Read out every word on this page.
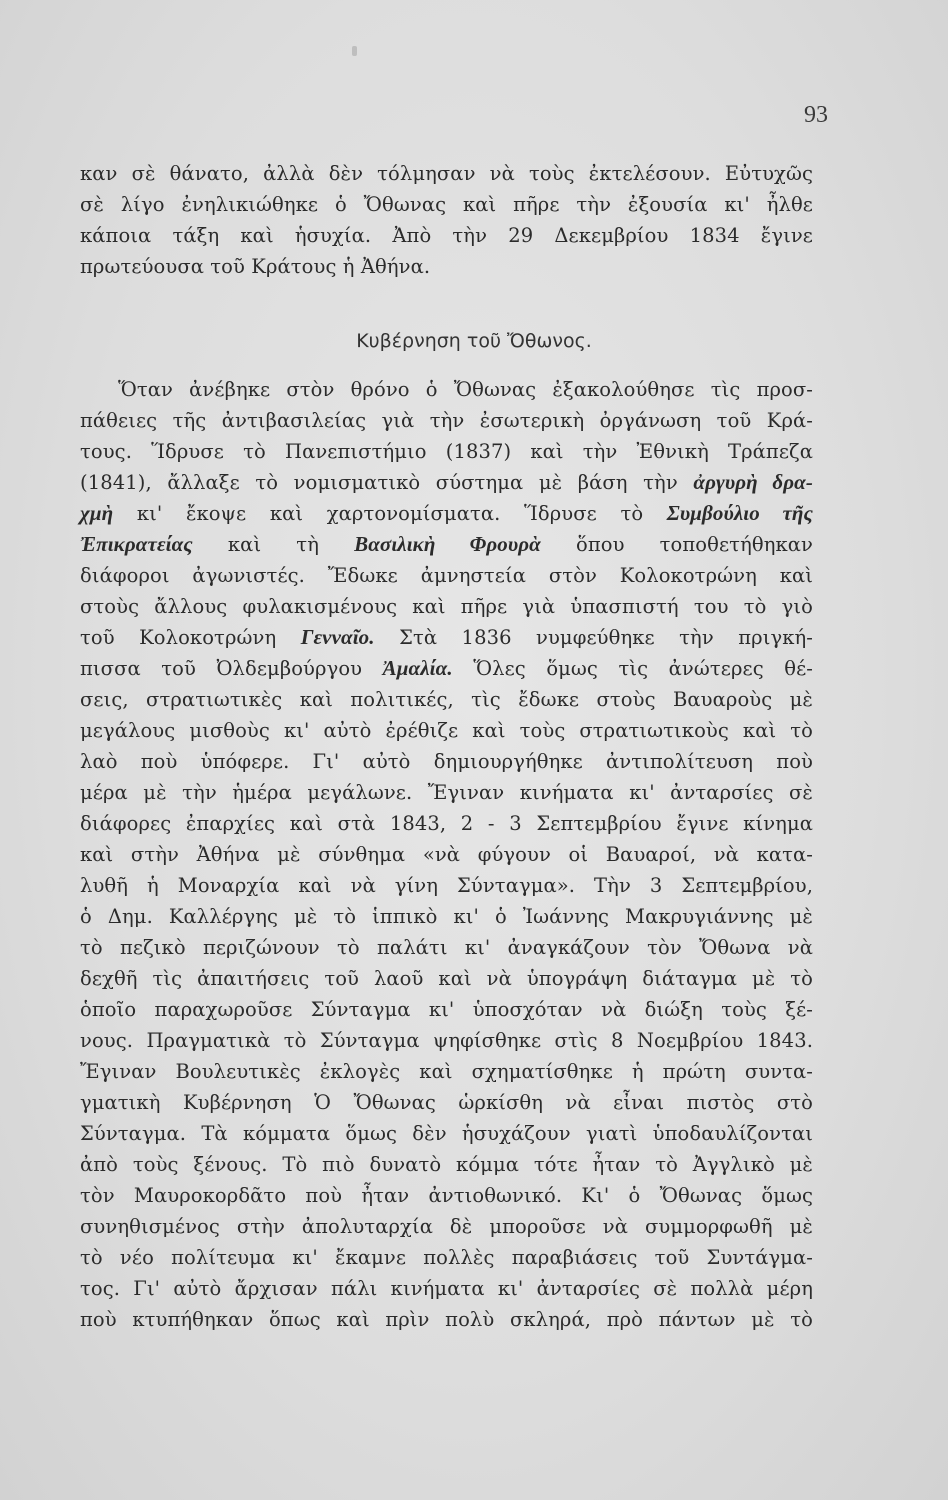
93
καν σὲ θάνατο, ἀλλὰ δὲν τόλμησαν νὰ τοὺς ἐκτελέσουν. Εὐτυχῶς
σὲ λίγο ἐνηλικιώθηκε ὁ Ὄθωνας καὶ πῆρε τὴν ἐξουσία κι' ἦλθε
κάποια τάξη καὶ ἡσυχία. Ἀπὸ τὴν 29 Δεκεμβρίου 1834 ἔγινε
πρωτεύουσα τοῦ Κράτους ἡ Ἀθήνα.
Κυβέρνηση τοῦ Ὄθωνος.
Ὅταν ἀνέβηκε στὸν θρόνο ὁ Ὄθωνας ἐξακολούθησε τὶς προσ-
πάθειες τῆς ἀντιβασιλείας γιὰ τὴν ἐσωτερικὴ ὀργάνωση τοῦ Κρά-
τους. Ἵδρυσε τὸ Πανεπιστήμιο (1837) καὶ τὴν Ἐθνικὴ Τράπεζα
(1841), ἄλλαξε τὸ νομισματικὸ σύστημα μὲ βάση τὴν ἀργυρὴ δρα-
χμὴ κι' ἔκοψε καὶ χαρτονομίσματα. Ἵδρυσε τὸ Συμβούλιο τῆς
Ἐπικρατείας καὶ τὴ Βασιλικὴ Φρουρὰ ὅπου τοποθετήθηκαν
διάφοροι ἀγωνιστές. Ἔδωκε ἀμνηστεία στὸν Κολοκοτρώνη καὶ
στοὺς ἄλλους φυλακισμένους καὶ πῆρε γιὰ ὑπασπιστή του τὸ γιὸ
τοῦ Κολοκοτρώνη Γενναῖο. Στὰ 1836 νυμφεύθηκε τὴν πριγκή-
πισσα τοῦ Ὀλδεμβούργου Ἀμαλία. Ὅλες ὅμως τὶς ἀνώτερες θέ-
σεις, στρατιωτικὲς καὶ πολιτικές, τὶς ἔδωκε στοὺς Βαυαροὺς μὲ
μεγάλους μισθοὺς κι' αὐτὸ ἐρέθιζε καὶ τοὺς στρατιωτικοὺς καὶ τὸ
λαὸ ποὺ ὑπόφερε. Γι' αὐτὸ δημιουργήθηκε ἀντιπολίτευση ποὺ
μέρα μὲ τὴν ἡμέρα μεγάλωνε. Ἔγιναν κινήματα κι' ἀνταρσίες σὲ
διάφορες ἐπαρχίες καὶ στὰ 1843, 2 - 3 Σεπτεμβρίου ἔγινε κίνημα
καὶ στὴν Ἀθήνα μὲ σύνθημα «νὰ φύγουν οἱ Βαυαροί, νὰ κατα-
λυθῆ ἡ Μοναρχία καὶ νὰ γίνη Σύνταγμα». Τὴν 3 Σεπτεμβρίου,
ὁ Δημ. Καλλέργης μὲ τὸ ἱππικὸ κι' ὁ Ἰωάννης Μακρυγιάννης μὲ
τὸ πεζικὸ περιζώνουν τὸ παλάτι κι' ἀναγκάζουν τὸν Ὄθωνα νὰ
δεχθῆ τὶς ἀπαιτήσεις τοῦ λαοῦ καὶ νὰ ὑπογράψη διάταγμα μὲ τὸ
ὁποῖο παραχωροῦσε Σύνταγμα κι' ὑποσχόταν νὰ διώξη τοὺς ξέ-
νους. Πραγματικὰ τὸ Σύνταγμα ψηφίσθηκε στὶς 8 Νοεμβρίου 1843.
Ἔγιναν Βουλευτικὲς ἐκλογὲς καὶ σχηματίσθηκε ἡ πρώτη συντα-
γματικὴ Κυβέρνηση Ὁ Ὄθωνας ὡρκίσθη νὰ εἶναι πιστὸς στὸ
Σύνταγμα. Τὰ κόμματα ὅμως δὲν ἡσυχάζουν γιατὶ ὑποδαυλίζονται
ἀπὸ τοὺς ξένους. Τὸ πιὸ δυνατὸ κόμμα τότε ἦταν τὸ Ἀγγλικὸ μὲ
τὸν Μαυροκορδᾶτο ποὺ ἦταν ἀντιοθωνικό. Κι' ὁ Ὄθωνας ὅμως
συνηθισμένος στὴν ἀπολυταρχία δὲ μποροῦσε νὰ συμμορφωθῆ μὲ
τὸ νέο πολίτευμα κι' ἔκαμνε πολλὲς παραβιάσεις τοῦ Συντάγμα-
τος. Γι' αὐτὸ ἄρχισαν πάλι κινήματα κι' ἀνταρσίες σὲ πολλὰ μέρη
ποὺ κτυπήθηκαν ὅπως καὶ πρὶν πολὺ σκληρά, πρὸ πάντων μὲ τὸ
